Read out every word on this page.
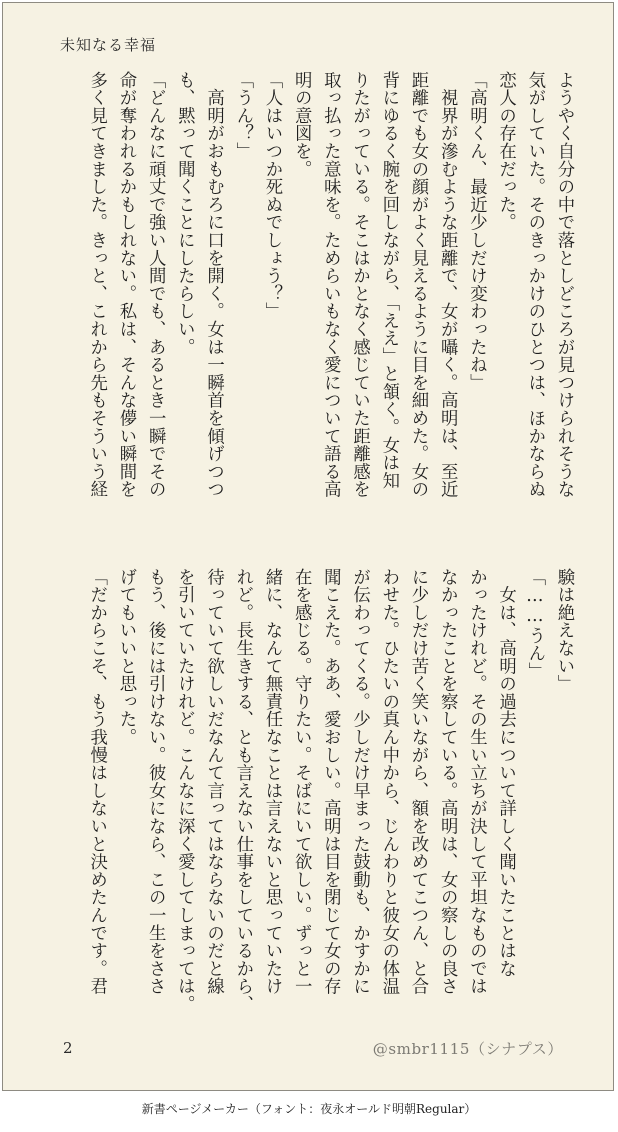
未知なる幸福
ようやく自分の中で落としどころが見つけられそうな
気がしていた。そのきっかけのひとつは、ほかならぬ
恋人の存在だった。
「高明くん、最近少しだけ変わったね」
　視界が滲むような距離で、女が囁く。高明は、至近
距離でも女の顔がよく見えるように目を細めた。女の
背にゆるく腕を回しながら、「ええ」と頷く。女は知
りたがっている。そこはかとなく感じていた距離感を
取っ払った意味を。ためらいもなく愛について語る高
明の意図を。
「人はいつか死ぬでしょう？」
「うん？」
　高明がおもむろに口を開く。女は一瞬首を傾げつつ
も、黙って聞くことにしたらしい。
「どんなに頑丈で強い人間でも、あるとき一瞬でその
命が奪われるかもしれない。私は、そんな儚い瞬間を
多く見てきました。きっと、これから先もそういう経
験は絶えない」
「……うん」
　女は、高明の過去について詳しく聞いたことはな
かったけれど。その生い立ちが決して平坦なものでは
なかったことを察している。高明は、女の察しの良さ
に少しだけ苦く笑いながら、額を改めてこつん、と合
わせた。ひたいの真ん中から、じんわりと彼女の体温
が伝わってくる。少しだけ早まった鼓動も、かすかに
聞こえた。ああ、愛おしい。高明は目を閉じて女の存
在を感じる。守りたい。そばにいて欲しい。ずっと一
緒に、なんて無責任なことは言えないと思っていたけ
れど。長生きする、とも言えない仕事をしているから、
待っていて欲しいだなんて言ってはならないのだと線
を引いていたけれど。こんなに深く愛してしまっては。
もう、後には引けない。彼女になら、この一生をささ
げてもいいと思った。
「だからこそ、もう我慢はしないと決めたんです。君
2	@smbr1115（シナプス）
新書ページメーカー（フォント：夜永オールド明朝Regular）
